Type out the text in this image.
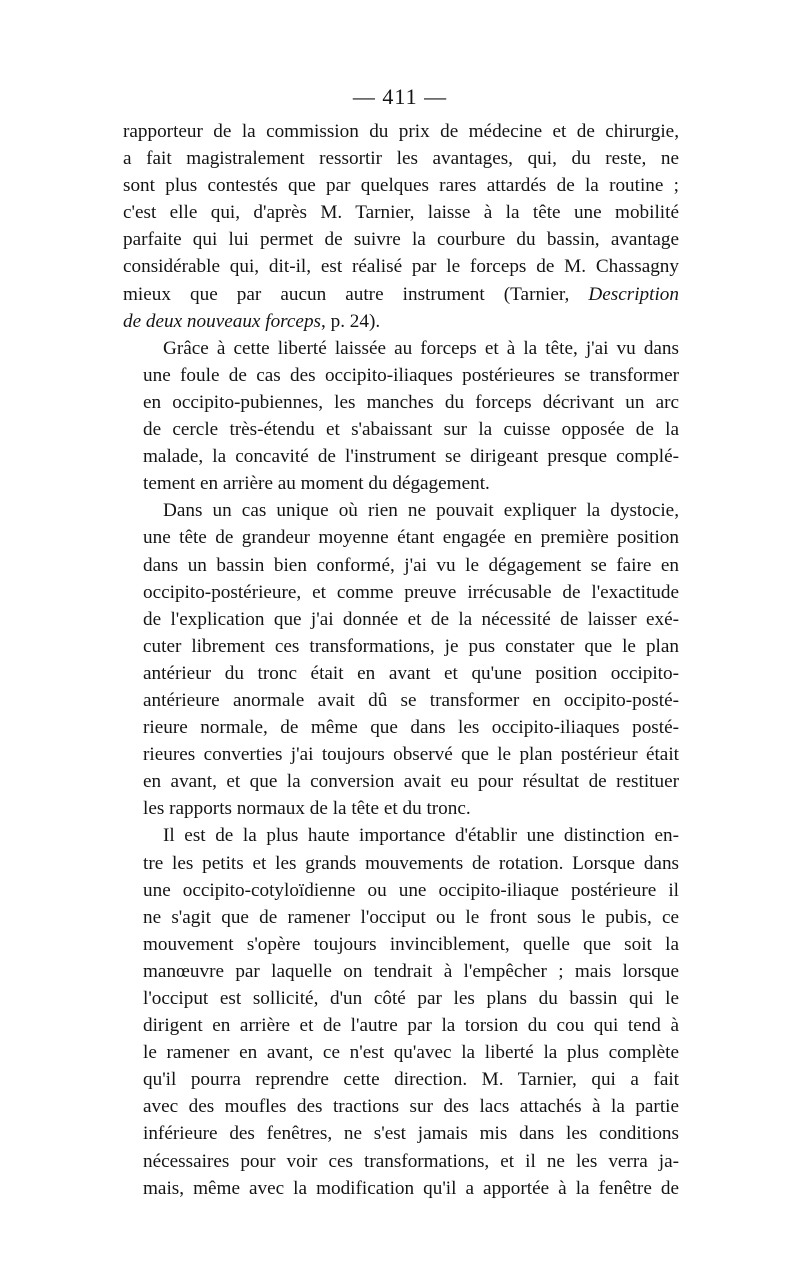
— 411 —

rapporteur de la commission du prix de médecine et de chirurgie,
a fait magistralement ressortir les avantages, qui, du reste, ne
sont plus contestés que par quelques rares attardés de la routine ;
c'est elle qui, d'après M. Tarnier, laisse à la tête une mobilité
parfaite qui lui permet de suivre la courbure du bassin, avantage
considérable qui, dit-il, est réalisé par le forceps de M. Chassagny
mieux que par aucun autre instrument (Tarnier, Description
de deux nouveaux forceps, p. 24).

Grâce à cette liberté laissée au forceps et à la tête, j'ai vu dans
une foule de cas des occipito-iliaques postérieures se transformer
en occipito-pubiennes, les manches du forceps décrivant un arc
de cercle très-étendu et s'abaissant sur la cuisse opposée de la
malade, la concavité de l'instrument se dirigeant presque complé-
tement en arrière au moment du dégagement.

Dans un cas unique où rien ne pouvait expliquer la dystocie,
une tête de grandeur moyenne étant engagée en première position
dans un bassin bien conformé, j'ai vu le dégagement se faire en
occipito-postérieure, et comme preuve irrécusable de l'exactitude
de l'explication que j'ai donnée et de la nécessité de laisser exé-
cuter librement ces transformations, je pus constater que le plan
antérieur du tronc était en avant et qu'une position occipito-
antérieure anormale avait dû se transformer en occipito-posté-
rieure normale, de même que dans les occipito-iliaques posté-
rieures converties j'ai toujours observé que le plan postérieur était
en avant, et que la conversion avait eu pour résultat de restituer
les rapports normaux de la tête et du tronc.

Il est de la plus haute importance d'établir une distinction en-
tre les petits et les grands mouvements de rotation. Lorsque dans
une occipito-cotyloïdienne ou une occipito-iliaque postérieure il
ne s'agit que de ramener l'occiput ou le front sous le pubis, ce
mouvement s'opère toujours invinciblement, quelle que soit la
manœuvre par laquelle on tendrait à l'empêcher ; mais lorsque
l'occiput est sollicité, d'un côté par les plans du bassin qui le
dirigent en arrière et de l'autre par la torsion du cou qui tend à
le ramener en avant, ce n'est qu'avec la liberté la plus complète
qu'il pourra reprendre cette direction. M. Tarnier, qui a fait
avec des moufles des tractions sur des lacs attachés à la partie
inférieure des fenêtres, ne s'est jamais mis dans les conditions
nécessaires pour voir ces transformations, et il ne les verra ja-
mais, même avec la modification qu'il a apportée à la fenêtre de
